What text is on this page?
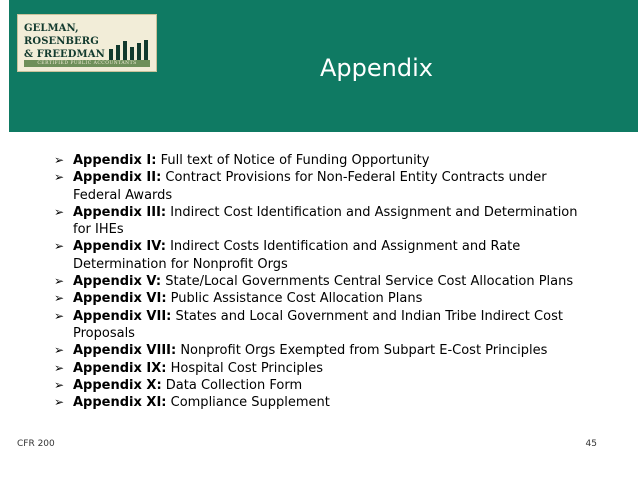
GELMAN, ROSENBERG
& FREEDMAN
CERTIFIED PUBLIC ACCOUNTANTS	Appendix
➢ Appendix I: Full text of Notice of Funding Opportunity
➢ Appendix II: Contract Provisions for Non-Federal Entity Contracts under Federal Awards
➢ Appendix III: Indirect Cost Identification and Assignment and Determination for IHEs
➢ Appendix IV: Indirect Costs Identification and Assignment and Rate Determination for Nonprofit Orgs
➢ Appendix V: State/Local Governments Central Service Cost Allocation Plans
➢ Appendix VI: Public Assistance Cost Allocation Plans
➢ Appendix VII: States and Local Government and Indian Tribe Indirect Cost Proposals
➢ Appendix VIII: Nonprofit Orgs Exempted from Subpart E-Cost Principles
➢ Appendix IX: Hospital Cost Principles
➢ Appendix X: Data Collection Form
➢ Appendix XI: Compliance Supplement
CFR 200	45
